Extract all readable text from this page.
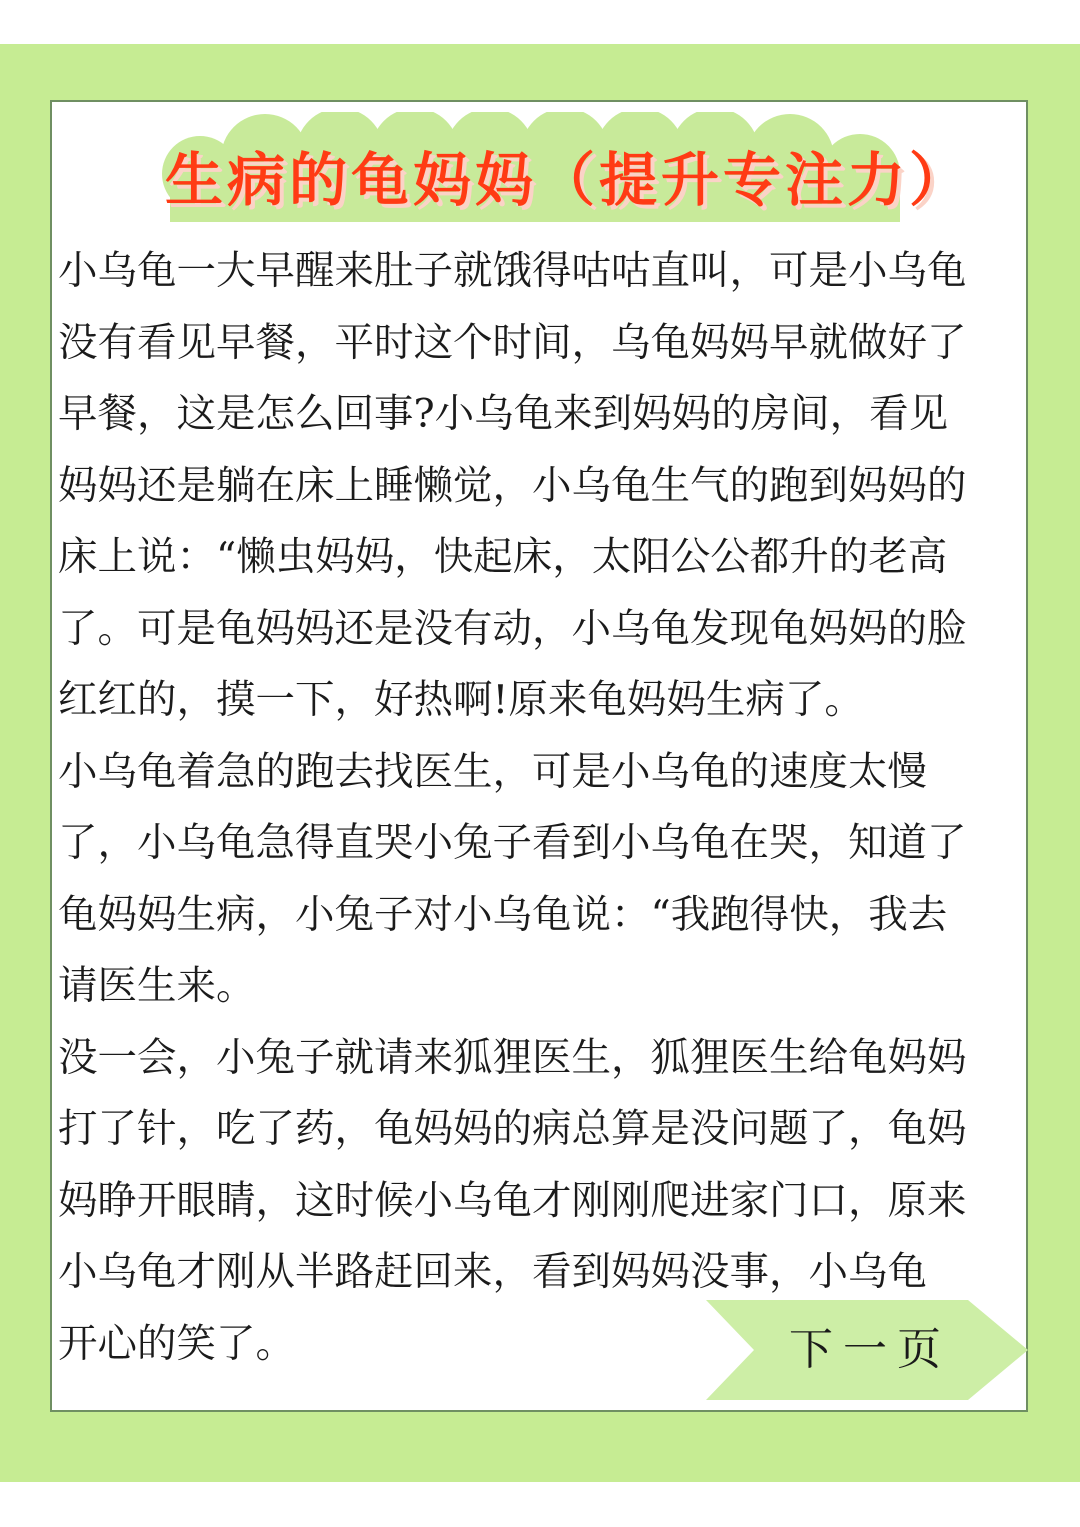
生病的龟妈妈（提升专注力）

小乌龟一大早醒来肚子就饿得咕咕直叫，可是小乌龟
没有看见早餐，平时这个时间，乌龟妈妈早就做好了
早餐，这是怎么回事?小乌龟来到妈妈的房间，看见
妈妈还是躺在床上睡懒觉，小乌龟生气的跑到妈妈的
床上说：“懒虫妈妈，快起床，太阳公公都升的老高
了。可是龟妈妈还是没有动，小乌龟发现龟妈妈的脸
红红的，摸一下，好热啊!原来龟妈妈生病了。

小乌龟着急的跑去找医生，可是小乌龟的速度太慢
了，小乌龟急得直哭小兔子看到小乌龟在哭，知道了
龟妈妈生病，小兔子对小乌龟说：“我跑得快，我去
请医生来。

没一会，小兔子就请来狐狸医生，狐狸医生给龟妈妈
打了针，吃了药，龟妈妈的病总算是没问题了，龟妈
妈睁开眼睛，这时候小乌龟才刚刚爬进家门口，原来
小乌龟才刚从半路赶回来，看到妈妈没事，小乌龟
开心的笑了。	下一页
